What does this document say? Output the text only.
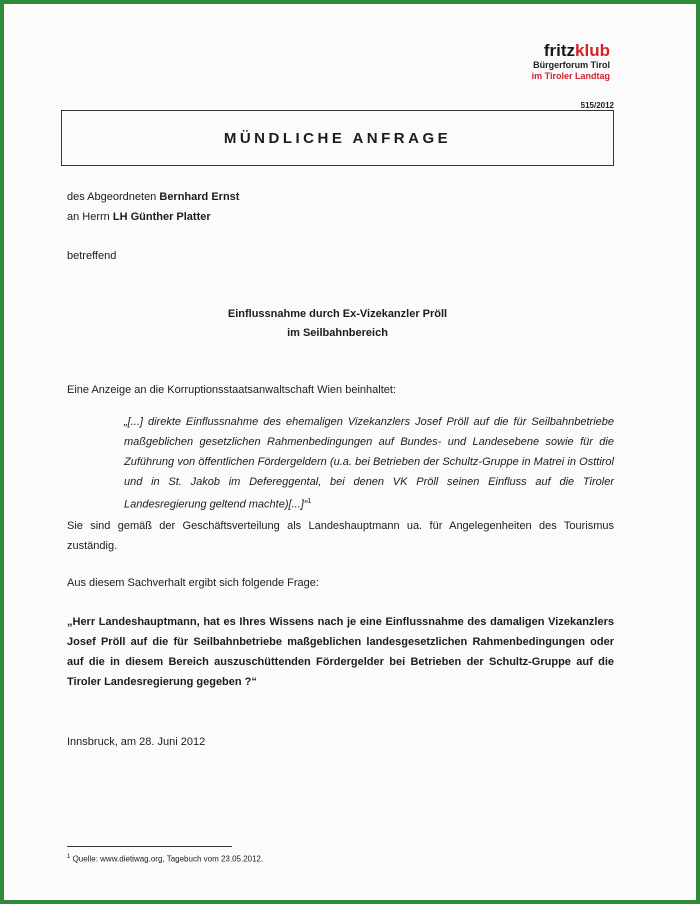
fritzklub
Bürgerforum Tirol
im Tiroler Landtag
515/2012
MÜNDLICHE ANFRAGE
des Abgeordneten Bernhard Ernst
an Herrn LH Günther Platter
betreffend
Einflussnahme durch Ex-Vizekanzler Pröll
im Seilbahnbereich
Eine Anzeige an die Korruptionsstaatsanwaltschaft Wien beinhaltet:
„[...] direkte Einflussnahme des ehemaligen Vizekanzlers Josef Pröll auf die für Seilbahnbetriebe maßgeblichen gesetzlichen Rahmenbedingungen auf Bundes- und Landesebene sowie für die Zuführung von öffentlichen Fördergeldern (u.a. bei Betrieben der Schultz-Gruppe in Matrei in Osttirol und in St. Jakob im Defereggental, bei denen VK Pröll seinen Einfluss auf die Tiroler Landesregierung geltend machte)[...]“$^1$
Sie sind gemäß der Geschäftsverteilung als Landeshauptmann ua. für Angelegenheiten des Tourismus zuständig.
Aus diesem Sachverhalt ergibt sich folgende Frage:
„Herr Landeshauptmann, hat es Ihres Wissens nach je eine Einflussnahme des damaligen Vizekanzlers Josef Pröll auf die für Seilbahnbetriebe maßgeblichen landesgesetzlichen Rahmenbedingungen oder auf die in diesem Bereich auszuschüttenden Fördergelder bei Betrieben der Schultz-Gruppe auf die Tiroler Landesregierung gegeben ?“
Innsbruck, am 28. Juni 2012
$^1$ Quelle: www.dietiwag.org, Tagebuch vom 23.05.2012.
